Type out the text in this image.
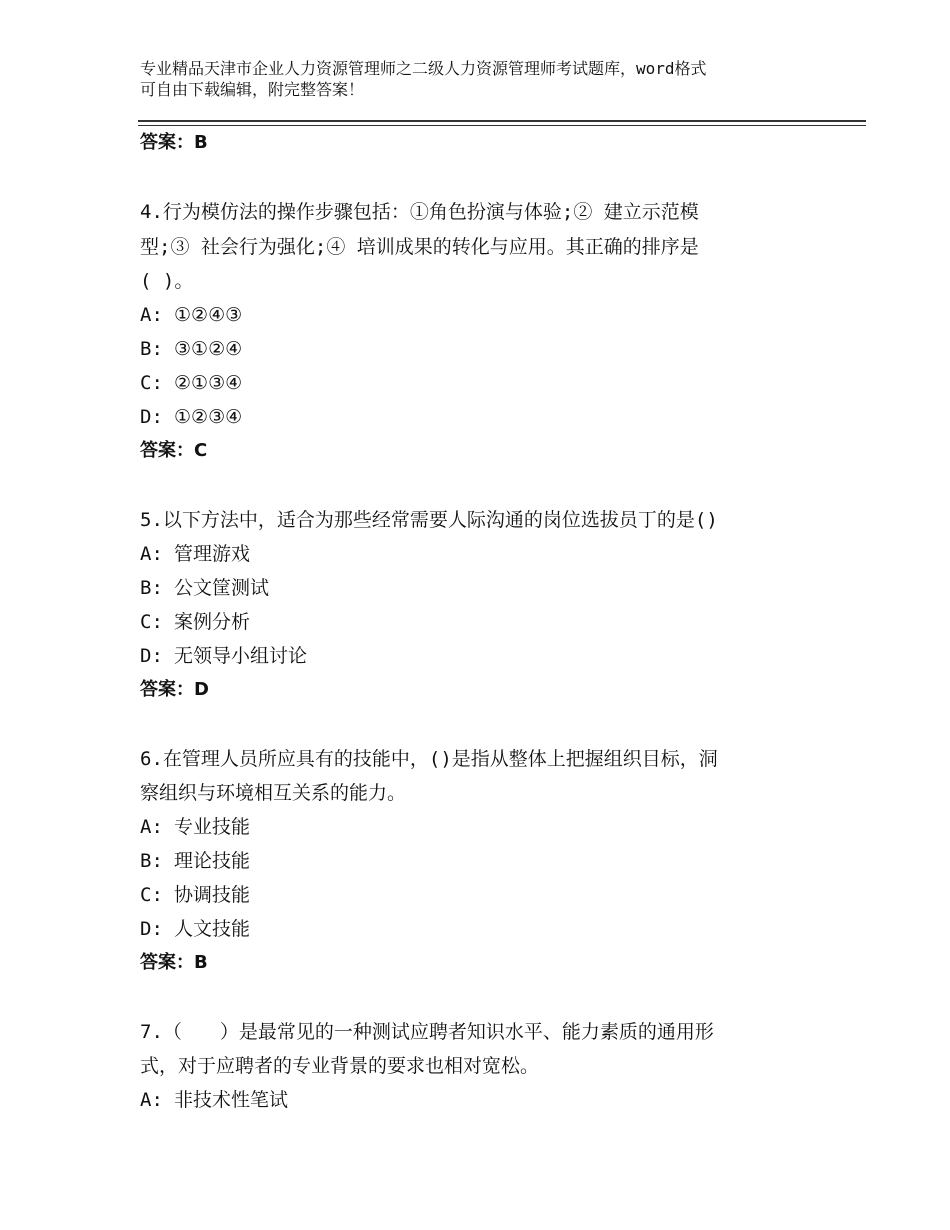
专业精品天津市企业人力资源管理师之二级人力资源管理师考试题库，word格式
可自由下载编辑，附完整答案！
答案：B
4.行为模仿法的操作步骤包括：①角色扮演与体验;② 建立示范模
型;③ 社会行为强化;④ 培训成果的转化与应用。其正确的排序是
( )。
A: ①②④③
B: ③①②④
C: ②①③④
D: ①②③④
答案：C
5.以下方法中，适合为那些经常需要人际沟通的岗位选拔员丁的是()
A: 管理游戏
B: 公文筐测试
C: 案例分析
D: 无领导小组讨论
答案：D
6.在管理人员所应具有的技能中，()是指从整体上把握组织目标，洞
察组织与环境相互关系的能力。
A: 专业技能
B: 理论技能
C: 协调技能
D: 人文技能
答案：B
7.（　　）是最常见的一种测试应聘者知识水平、能力素质的通用形
式，对于应聘者的专业背景的要求也相对宽松。
A: 非技术性笔试
